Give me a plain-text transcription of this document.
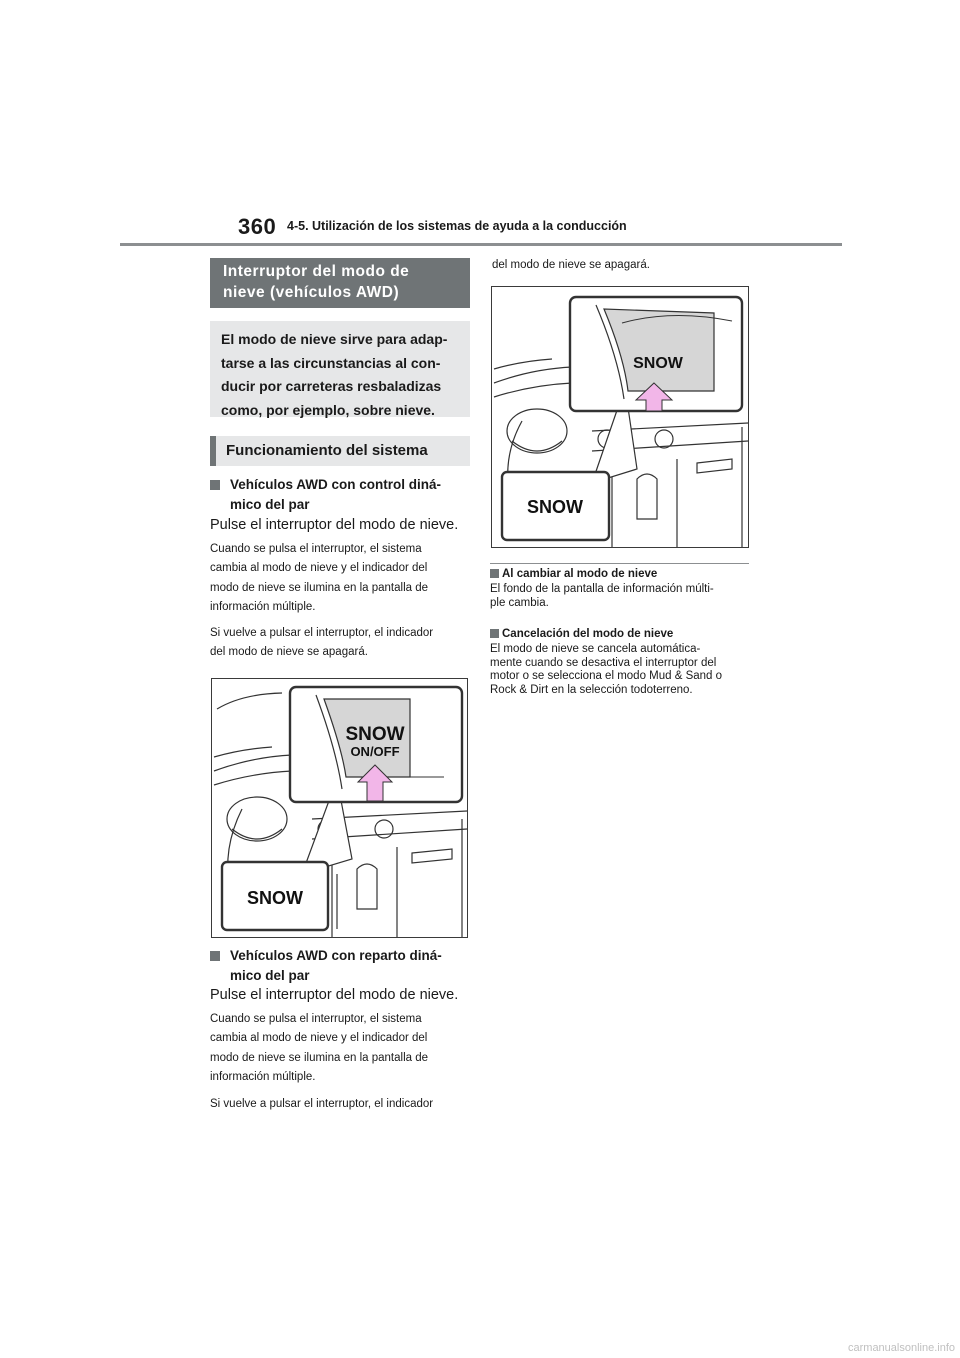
360 4-5. Utilización de los sistemas de ayuda a la conducción
Interruptor del modo de
nieve (vehículos AWD)
El modo de nieve sirve para adap-
tarse a las circunstancias al con-
ducir por carreteras resbaladizas
como, por ejemplo, sobre nieve.
Funcionamiento del sistema
Vehículos AWD con control diná-
mico del par
Pulse el interruptor del modo de nieve.
Cuando se pulsa el interruptor, el sistema
cambia al modo de nieve y el indicador del
modo de nieve se ilumina en la pantalla de
información múltiple.
Si vuelve a pulsar el interruptor, el indicador
del modo de nieve se apagará.
SNOW
ON/OFF
SNOW
Vehículos AWD con reparto diná-
mico del par
Pulse el interruptor del modo de nieve.
Cuando se pulsa el interruptor, el sistema
cambia al modo de nieve y el indicador del
modo de nieve se ilumina en la pantalla de
información múltiple.
Si vuelve a pulsar el interruptor, el indicador
del modo de nieve se apagará.
SNOW
SNOW
Al cambiar al modo de nieve
El fondo de la pantalla de información múlti-
ple cambia.
Cancelación del modo de nieve
El modo de nieve se cancela automática-
mente cuando se desactiva el interruptor del
motor o se selecciona el modo Mud & Sand o
Rock & Dirt en la selección todoterreno.
carmanualsonline.info
